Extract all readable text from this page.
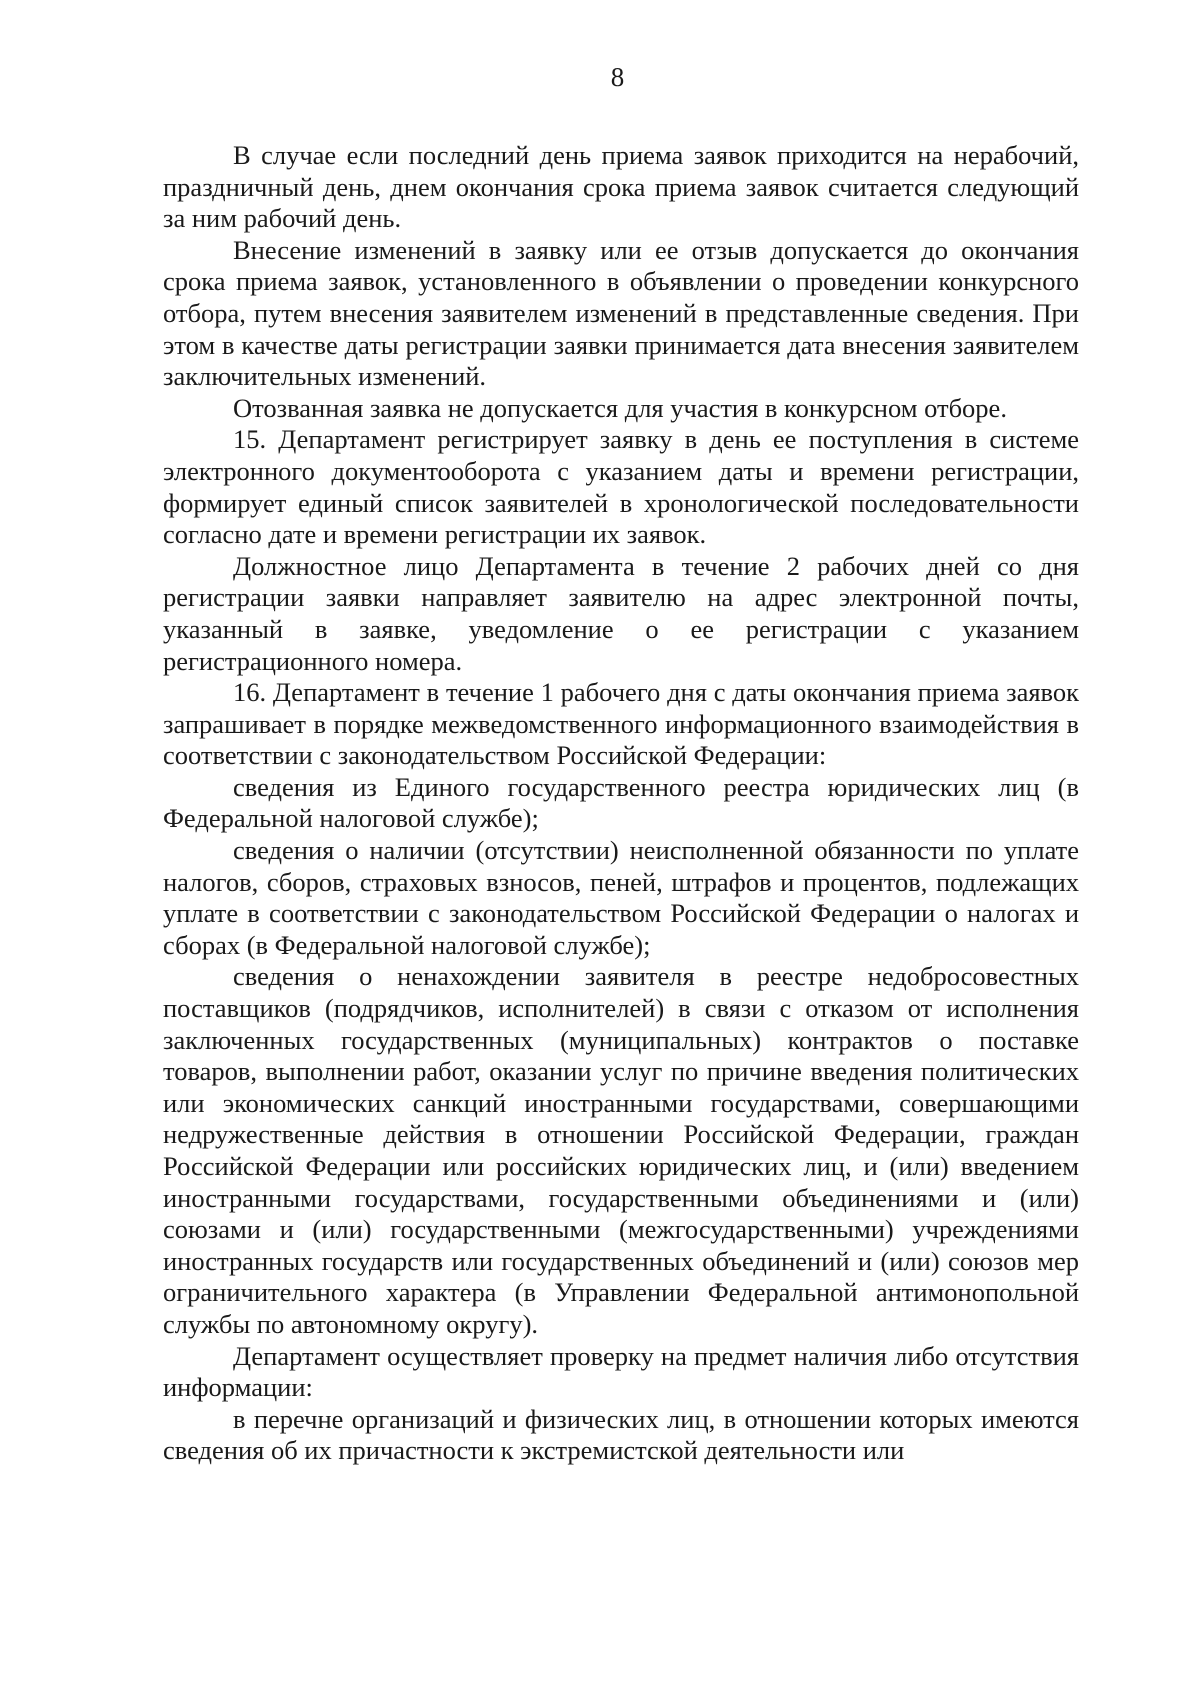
8

В случае если последний день приема заявок приходится на нерабочий, праздничный день, днем окончания срока приема заявок считается следующий за ним рабочий день.

Внесение изменений в заявку или ее отзыв допускается до окончания срока приема заявок, установленного в объявлении о проведении конкурсного отбора, путем внесения заявителем изменений в представленные сведения. При этом в качестве даты регистрации заявки принимается дата внесения заявителем заключительных изменений.

Отозванная заявка не допускается для участия в конкурсном отборе.

15. Департамент регистрирует заявку в день ее поступления в системе электронного документооборота с указанием даты и времени регистрации, формирует единый список заявителей в хронологической последовательности согласно дате и времени регистрации их заявок.

Должностное лицо Департамента в течение 2 рабочих дней со дня регистрации заявки направляет заявителю на адрес электронной почты, указанный в заявке, уведомление о ее регистрации с указанием регистрационного номера.

16. Департамент в течение 1 рабочего дня с даты окончания приема заявок запрашивает в порядке межведомственного информационного взаимодействия в соответствии с законодательством Российской Федерации:

сведения из Единого государственного реестра юридических лиц (в Федеральной налоговой службе);

сведения о наличии (отсутствии) неисполненной обязанности по уплате налогов, сборов, страховых взносов, пеней, штрафов и процентов, подлежащих уплате в соответствии с законодательством Российской Федерации о налогах и сборах (в Федеральной налоговой службе);

сведения о ненахождении заявителя в реестре недобросовестных поставщиков (подрядчиков, исполнителей) в связи с отказом от исполнения заключенных государственных (муниципальных) контрактов о поставке товаров, выполнении работ, оказании услуг по причине введения политических или экономических санкций иностранными государствами, совершающими недружественные действия в отношении Российской Федерации, граждан Российской Федерации или российских юридических лиц, и (или) введением иностранными государствами, государственными объединениями и (или) союзами и (или) государственными (межгосударственными) учреждениями иностранных государств или государственных объединений и (или) союзов мер ограничительного характера (в Управлении Федеральной антимонопольной службы по автономному округу).

Департамент осуществляет проверку на предмет наличия либо отсутствия информации:

в перечне организаций и физических лиц, в отношении которых имеются сведения об их причастности к экстремистской деятельности или
